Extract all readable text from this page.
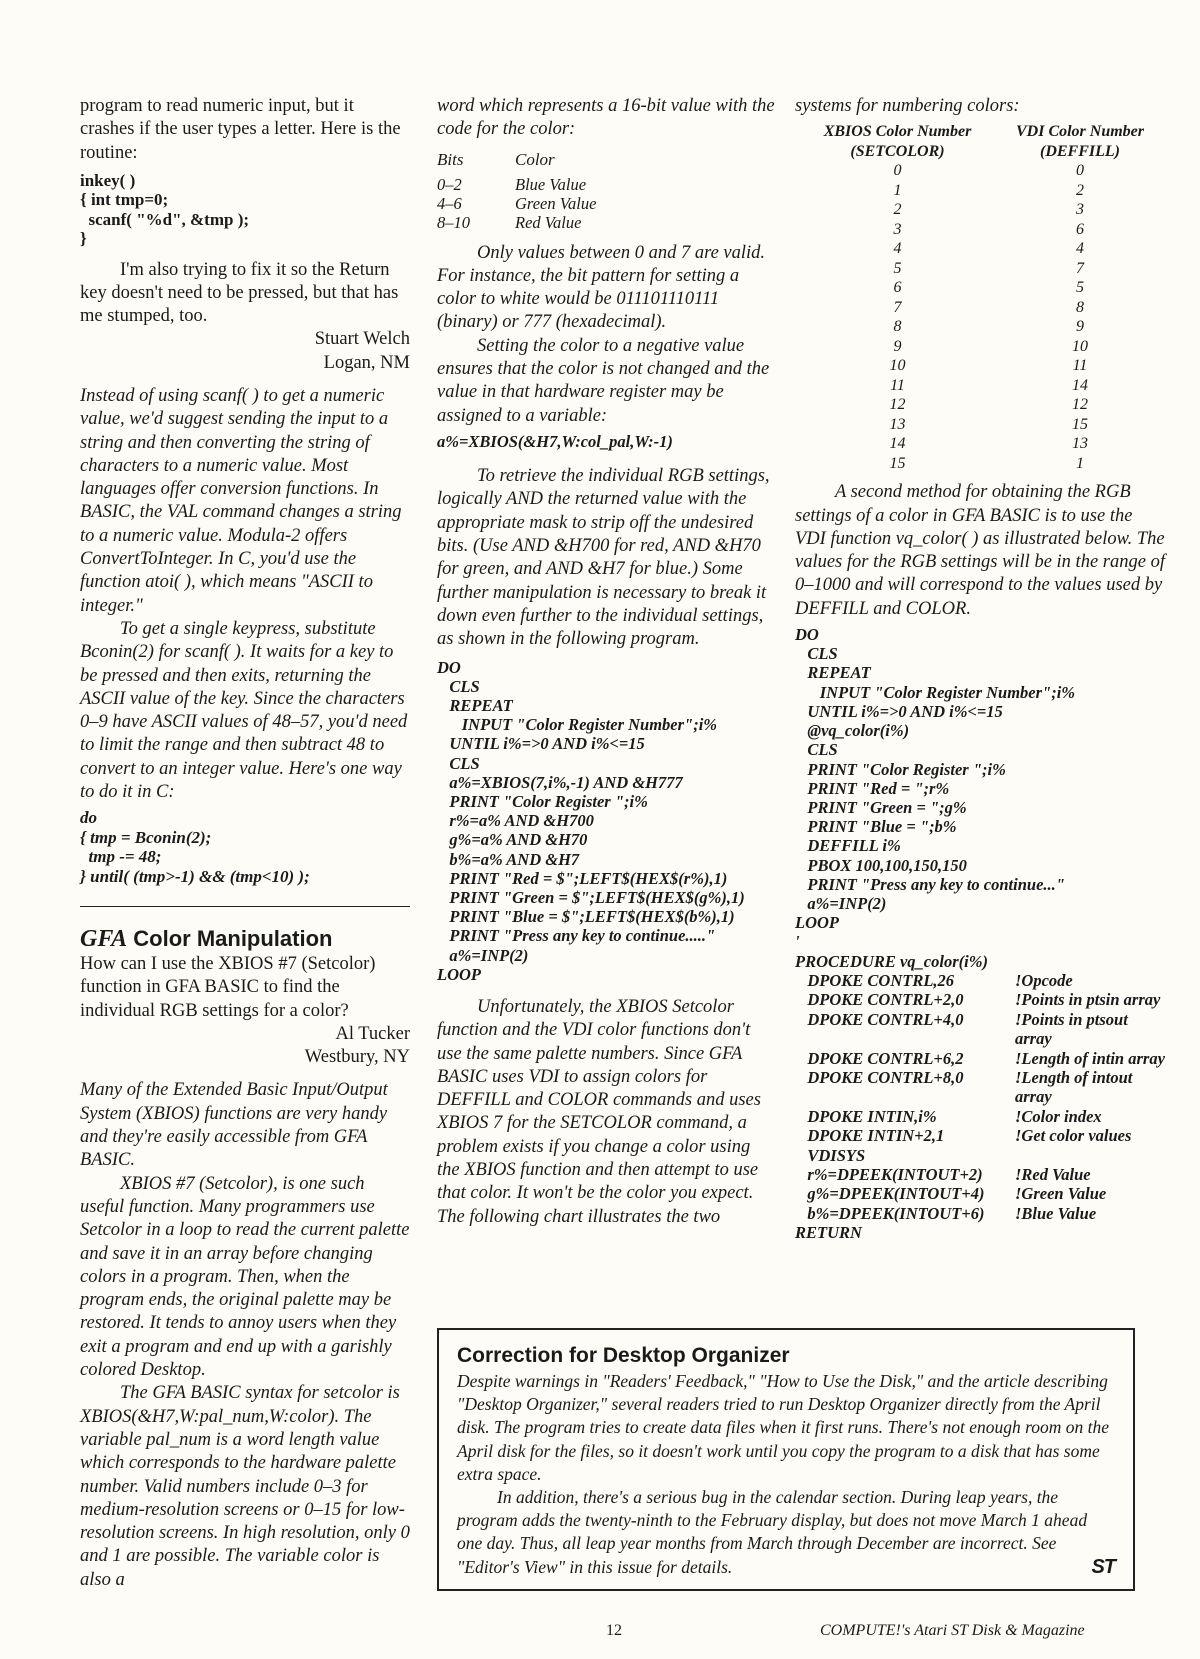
program to read numeric input, but it crashes if the user types a letter. Here is the routine:

inkey( )
{ int tmp=0;
scanf( "%d", &tmp );
}

I'm also trying to fix it so the Return key doesn't need to be pressed, but that has me stumped, too.

Stuart Welch

Logan, NM

Instead of using scanf( ) to get a numeric value, we'd suggest sending the input to a string and then converting the string of characters to a numeric value. Most languages offer conversion functions. In BASIC, the VAL command changes a string to a numeric value. Modula-2 offers ConvertToInteger. In C, you'd use the function atoi( ), which means "ASCII to integer."

To get a single keypress, substitute Bconin(2) for scanf( ). It waits for a key to be pressed and then exits, returning the ASCII value of the key. Since the characters 0–9 have ASCII values of 48–57, you'd need to limit the range and then subtract 48 to convert to an integer value. Here's one way to do it in C:

do
{ tmp = Bconin(2);
tmp -= 48;
} until( (tmp>-1) && (tmp<10) );
GFA Color Manipulation

How can I use the XBIOS #7 (Setcolor) function in GFA BASIC to find the individual RGB settings for a color?

Al Tucker

Westbury, NY

Many of the Extended Basic Input/Output System (XBIOS) functions are very handy and they're easily accessible from GFA BASIC.

XBIOS #7 (Setcolor), is one such useful function. Many programmers use Setcolor in a loop to read the current palette and save it in an array before changing colors in a program. Then, when the program ends, the original palette may be restored. It tends to annoy users when they exit a program and end up with a garishly colored Desktop.

The GFA BASIC syntax for setcolor is XBIOS(&H7,W:pal_num,W:color). The variable pal_num is a word length value which corresponds to the hardware palette number. Valid numbers include 0–3 for medium-resolution screens or 0–15 for low-resolution screens. In high resolution, only 0 and 1 are possible. The variable color is also a

word which represents a 16-bit value with the code for the color:

Bits	Color
0–2	Blue Value
4–6	Green Value
8–10	Red Value

Only values between 0 and 7 are valid. For instance, the bit pattern for setting a color to white would be 011101110111 (binary) or 777 (hexadecimal).

Setting the color to a negative value ensures that the color is not changed and the value in that hardware register may be assigned to a variable:

a%=XBIOS(&H7,W:col_pal,W:-1)

To retrieve the individual RGB settings, logically AND the returned value with the appropriate mask to strip off the undesired bits. (Use AND &H700 for red, AND &H70 for green, and AND &H7 for blue.) Some further manipulation is necessary to break it down even further to the individual settings, as shown in the following program.

DO
CLS
REPEAT
INPUT "Color Register Number";i%
UNTIL i%=>0 AND i%<=15
CLS
a%=XBIOS(7,i%,-1) AND &H777
PRINT "Color Register ";i%
r%=a% AND &H700
g%=a% AND &H70
b%=a% AND &H7
PRINT "Red = $";LEFT$(HEX$(r%),1)
PRINT "Green = $";LEFT$(HEX$(g%),1)
PRINT "Blue = $";LEFT$(HEX$(b%),1)
PRINT "Press any key to continue....."
a%=INP(2)
LOOP

Unfortunately, the XBIOS Setcolor function and the VDI color functions don't use the same palette numbers. Since GFA BASIC uses VDI to assign colors for DEFFILL and COLOR commands and uses XBIOS 7 for the SETCOLOR command, a problem exists if you change a color using the XBIOS function and then attempt to use that color. It won't be the color you expect. The following chart illustrates the two

systems for numbering colors:

XBIOS Color Number (SETCOLOR)
VDI Color Number (DEFFILL)
0	0
1	2
2	3
3	6
4	4
5	7
6	5
7	8
8	9
9	10
10	11
11	14
12	12
13	15
14	13
15	1

A second method for obtaining the RGB settings of a color in GFA BASIC is to use the VDI function vq_color( ) as illustrated below. The values for the RGB settings will be in the range of 0–1000 and will correspond to the values used by DEFFILL and COLOR.

DO
CLS
REPEAT
INPUT "Color Register Number";i%
UNTIL i%=>0 AND i%<=15
@vq_color(i%)
CLS
PRINT "Color Register ";i%
PRINT "Red = ";r%
PRINT "Green = ";g%
PRINT "Blue = ";b%
DEFFILL i%
PBOX 100,100,150,150
PRINT "Press any key to continue..."
a%=INP(2)
LOOP
'
PROCEDURE vq_color(i%)
DPOKE CONTRL,26	!Opcode
DPOKE CONTRL+2,0	!Points in ptsin array
DPOKE CONTRL+4,0	!Points in ptsout array
DPOKE CONTRL+6,2	!Length of intin array
DPOKE CONTRL+8,0	!Length of intout array
DPOKE INTIN,i%	!Color index
DPOKE INTIN+2,1	!Get color values
VDISYS
r%=DPEEK(INTOUT+2)	!Red Value
g%=DPEEK(INTOUT+4)	!Green Value
b%=DPEEK(INTOUT+6)	!Blue Value
RETURN
Correction for Desktop Organizer

Despite warnings in "Readers' Feedback," "How to Use the Disk," and the article describing "Desktop Organizer," several readers tried to run Desktop Organizer directly from the April disk. The program tries to create data files when it first runs. There's not enough room on the April disk for the files, so it doesn't work until you copy the program to a disk that has some extra space.

In addition, there's a serious bug in the calendar section. During leap years, the program adds the twenty-ninth to the February display, but does not move March 1 ahead one day. Thus, all leap year months from March through December are incorrect. See "Editor's View" in this issue for details.	ST

12	COMPUTE!'s Atari ST Disk & Magazine
